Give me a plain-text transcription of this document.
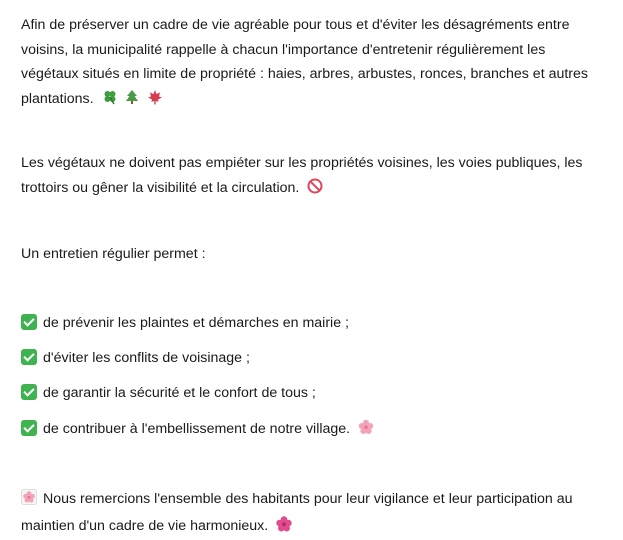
Afin de préserver un cadre de vie agréable pour tous et d'éviter les désagréments entre voisins, la municipalité rappelle à chacun l'importance d'entretenir régulièrement les végétaux situés en limite de propriété : haies, arbres, arbustes, ronces, branches et autres plantations.

Les végétaux ne doivent pas empiéter sur les propriétés voisines, les voies publiques, les trottoirs ou gêner la visibilité et la circulation.

Un entretien régulier permet :

de prévenir les plaintes et démarches en mairie ;
d'éviter les conflits de voisinage ;
de garantir la sécurité et le confort de tous ;
de contribuer à l'embellissement de notre village.

Nous remercions l'ensemble des habitants pour leur vigilance et leur participation au maintien d'un cadre de vie harmonieux.
